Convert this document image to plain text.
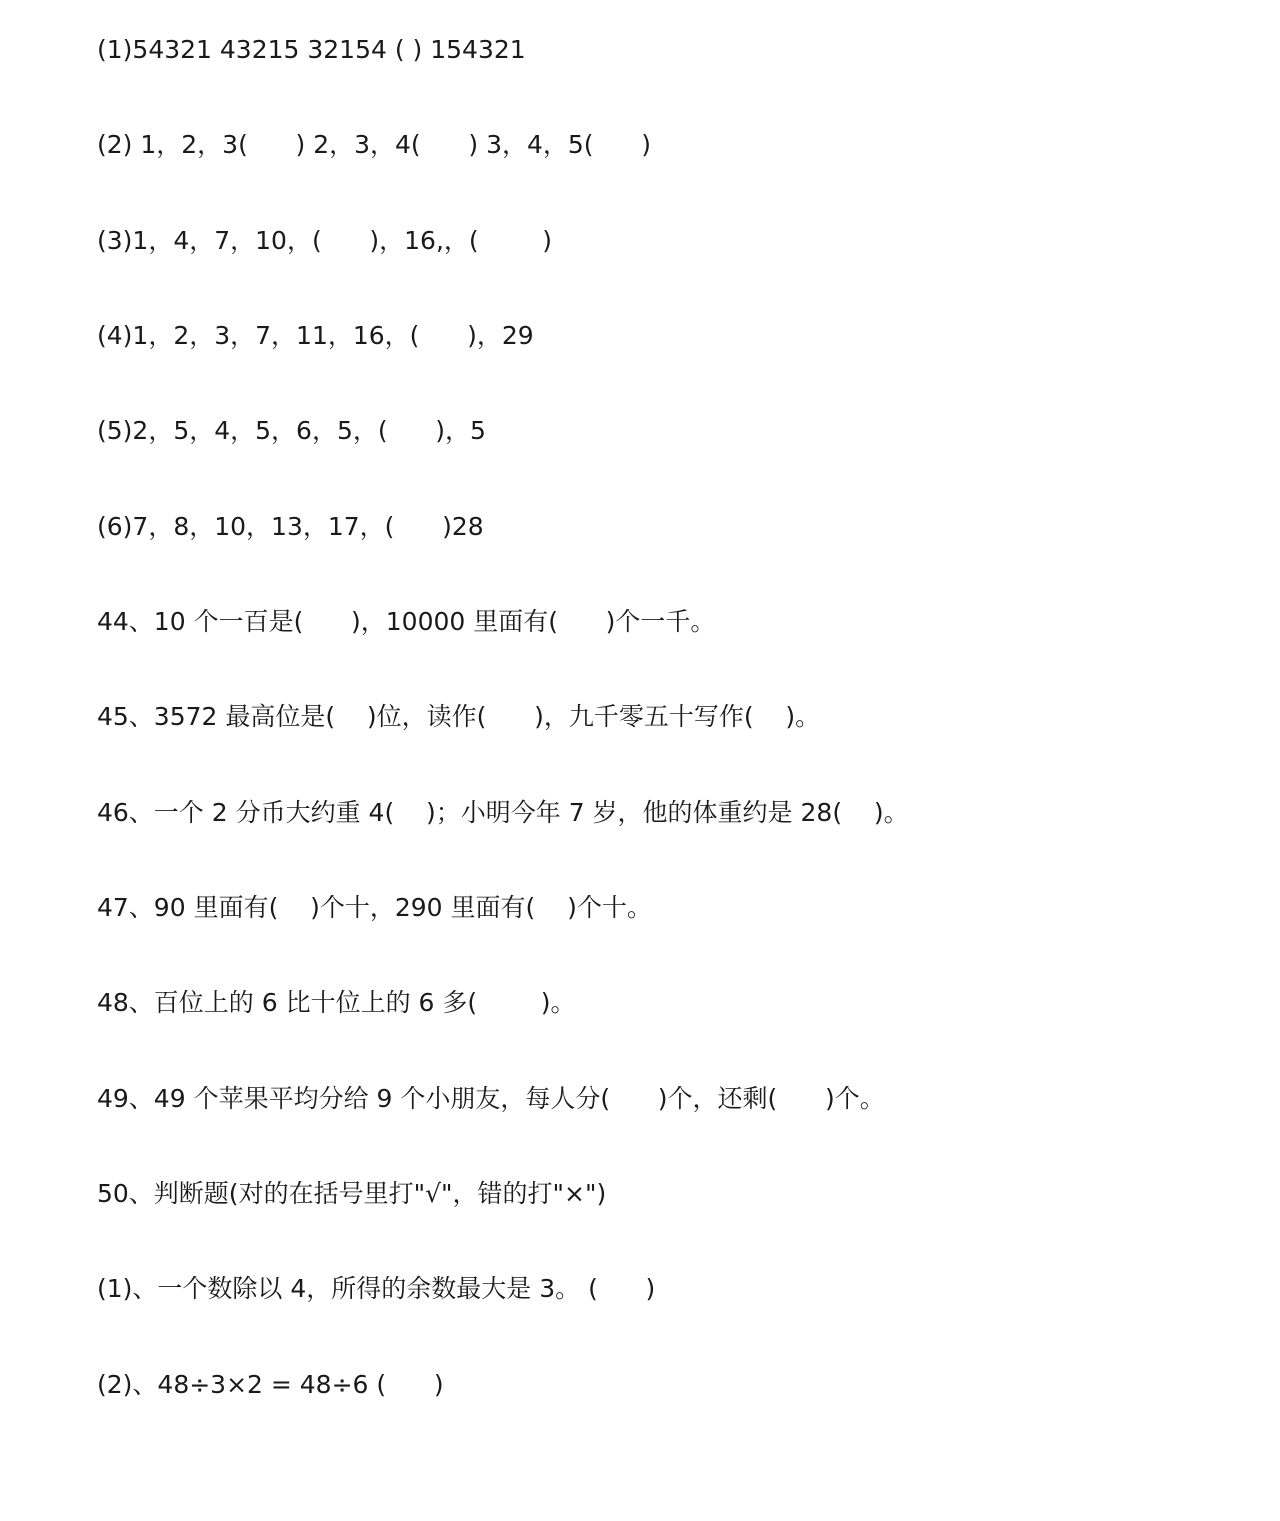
(1)54321 43215 32154 ( ) 154321
(2) 1，2，3(      ) 2，3，4(      ) 3，4，5(      )
(3)1，4，7，10，(      )，16,，(        )
(4)1，2，3，7，11，16，(      )，29
(5)2，5，4，5，6，5，(      )，5
(6)7，8，10，13，17，(      )28
44、10 个一百是(      )，10000 里面有(      )个一千。
45、3572 最高位是(    )位，读作(      )，九千零五十写作(    )。
46、一个 2 分币大约重 4(    )；小明今年 7 岁，他的体重约是 28(    )。
47、90 里面有(    )个十，290 里面有(    )个十。
48、百位上的 6 比十位上的 6 多(        )。
49、49 个苹果平均分给 9 个小朋友，每人分(      )个，还剩(      )个。
50、判断题(对的在括号里打"√"，错的打"×")
(1)、一个数除以 4，所得的余数最大是 3。 (      )
(2)、48÷3×2 = 48÷6 (      )
